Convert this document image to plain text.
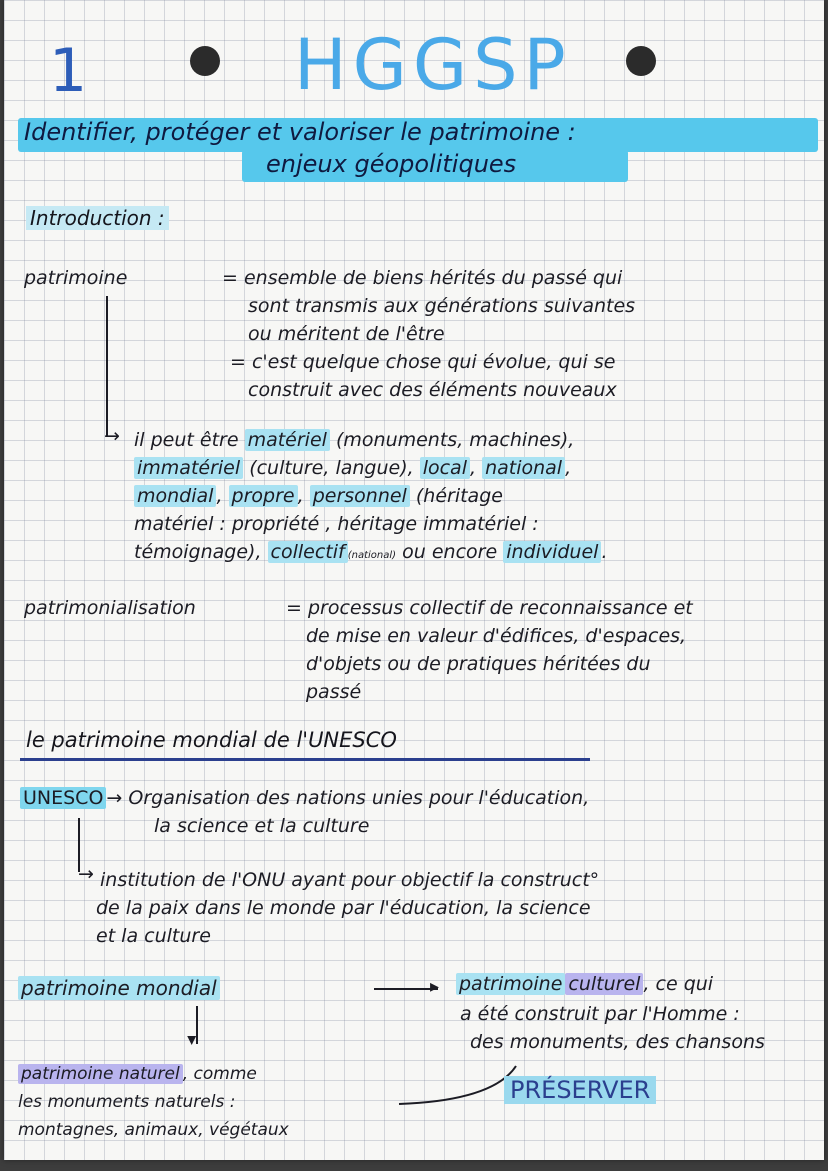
1	HGGSP
Identifier, protéger et valoriser le patrimoine :
enjeux géopolitiques
Introduction :
patrimoine	= ensemble de biens hérités du passé qui
sont transmis aux générations suivantes
ou méritent de l'être
= c'est quelque chose qui évolue, qui se
construit avec des éléments nouveaux
→ il peut être matériel (monuments, machines),
immatériel (culture, langue), local , national ,
mondial , propre , personnel (héritage
matériel : propriété , héritage immatériel :
témoignage), collectif (national) ou encore individuel .
patrimonialisation	= processus collectif de reconnaissance et
de mise en valeur d'édifices, d'espaces,
d'objets ou de pratiques héritées du
passé
le patrimoine mondial de l'UNESCO
UNESCO → Organisation des nations unies pour l'éducation,
la science et la culture
→ institution de l'ONU ayant pour objectif la construct°
de la paix dans le monde par l'éducation, la science
et la culture
patrimoine mondial	▸ patrimoine culturel , ce qui
a été construit par l'Homme :
des monuments, des chansons
▸
patrimoine naturel , comme
les monuments naturels :
montagnes, animaux, végétaux
PRÉSERVER
